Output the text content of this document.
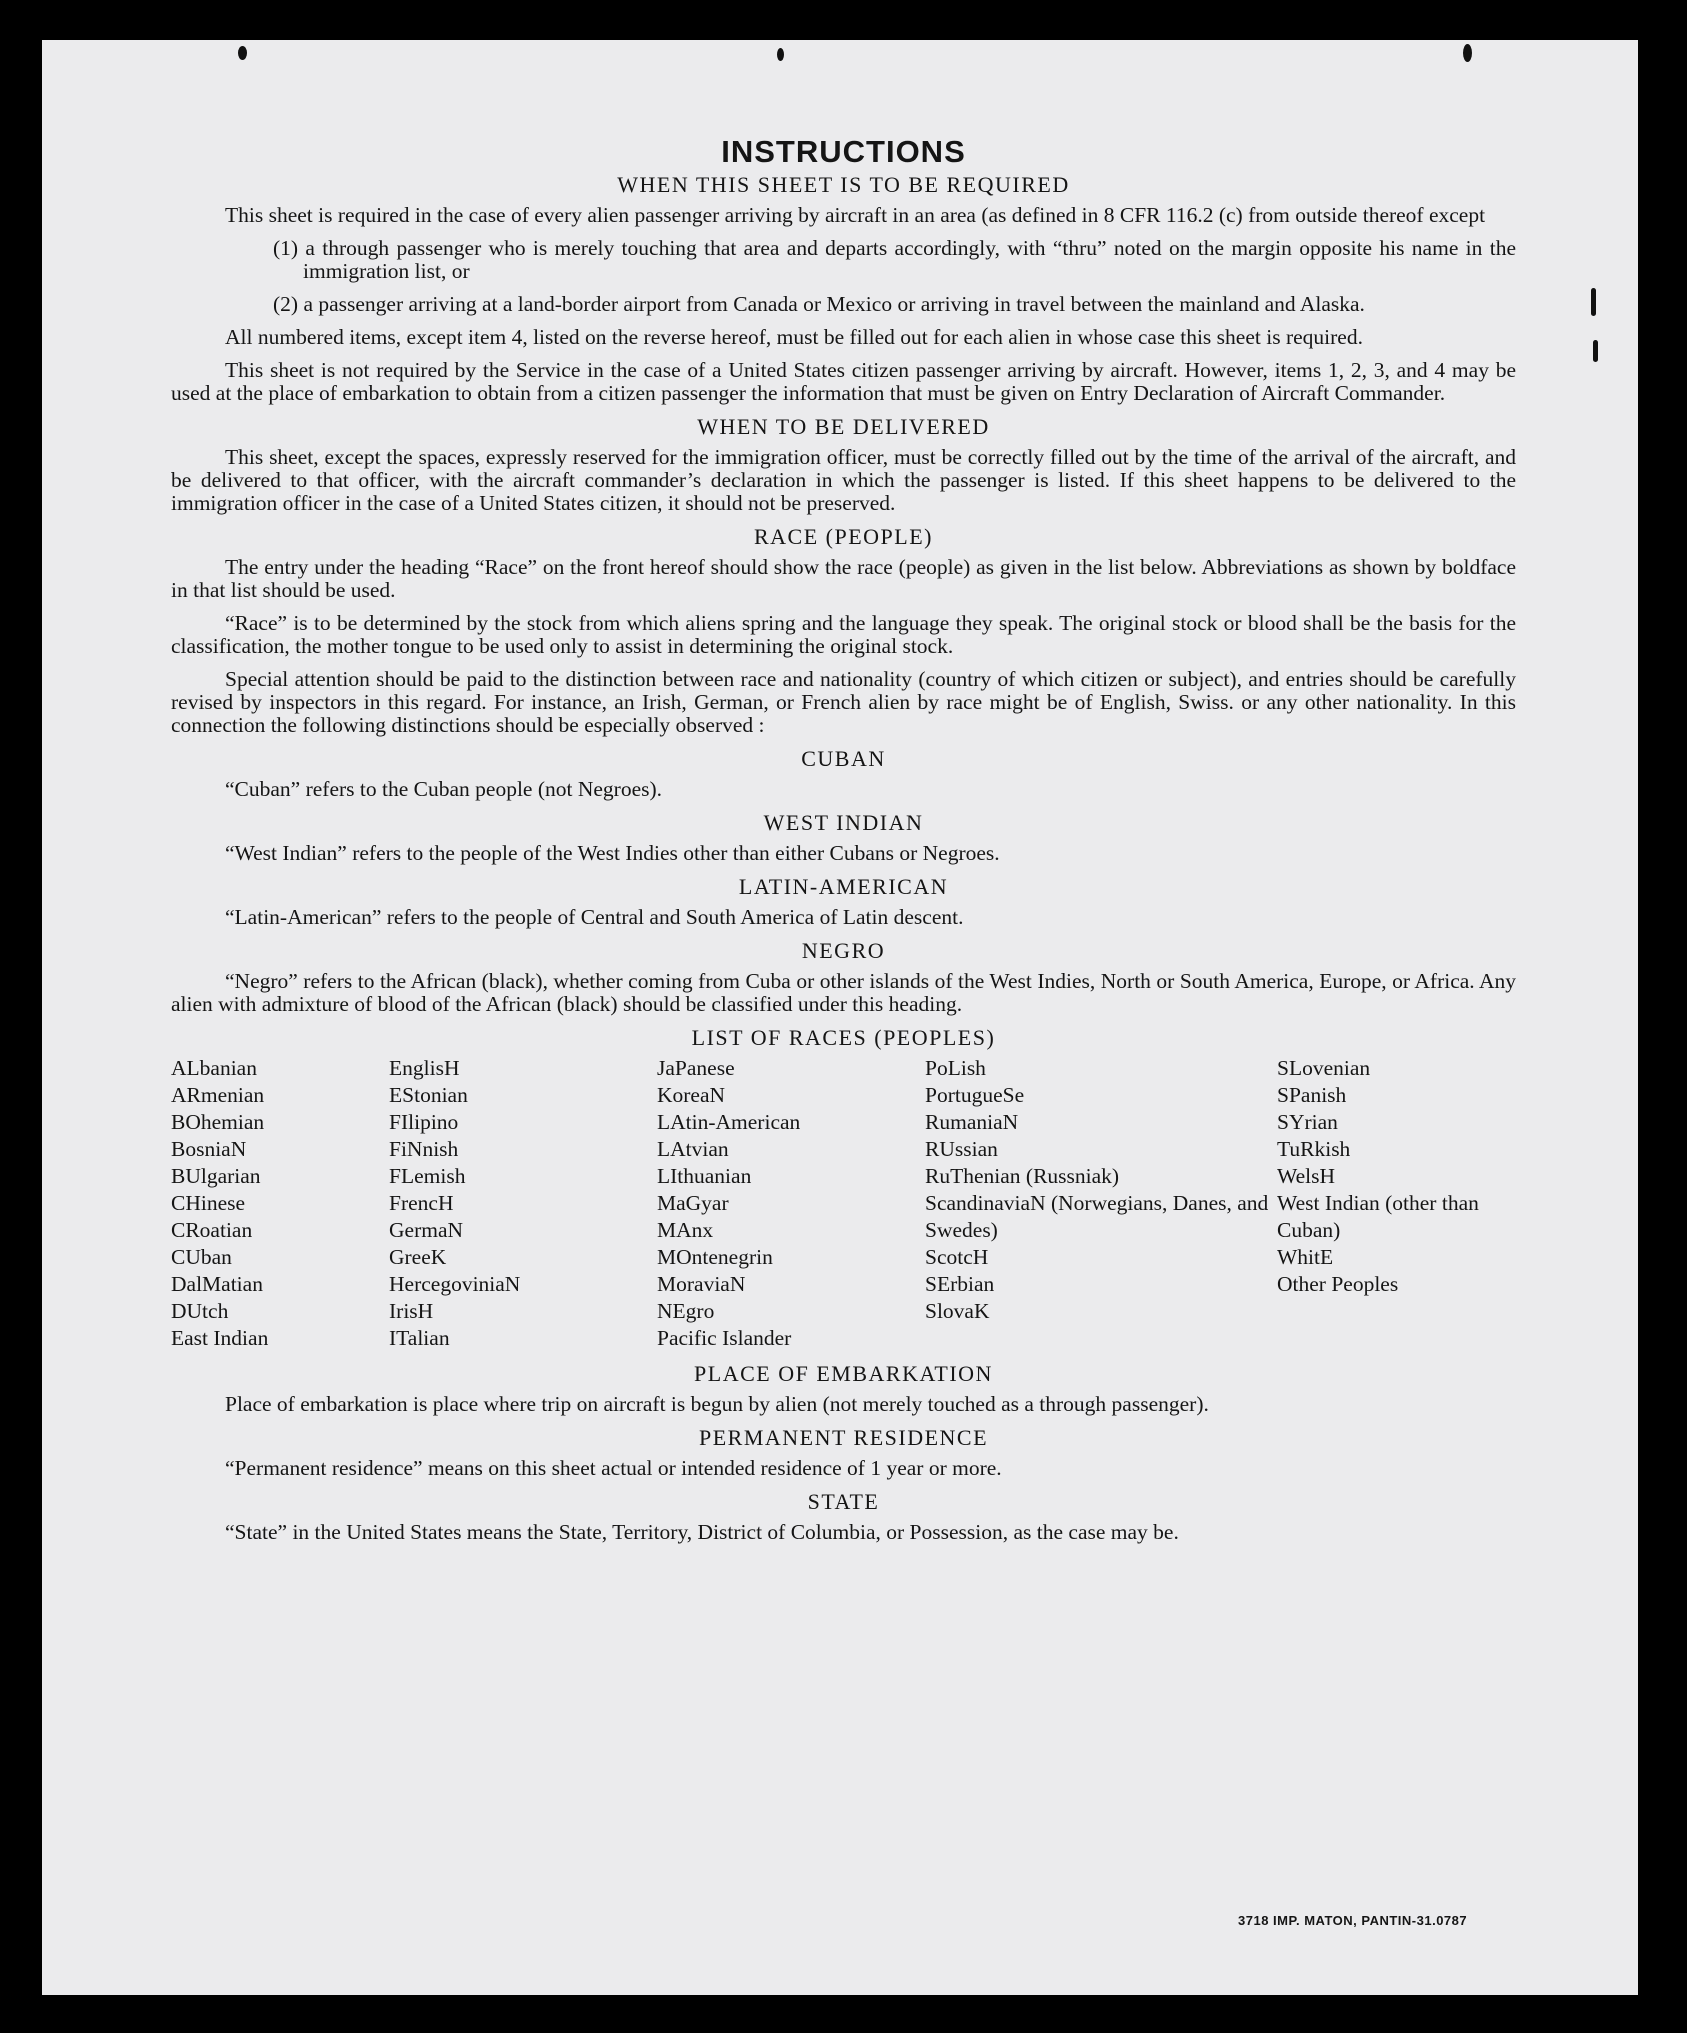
INSTRUCTIONS
WHEN THIS SHEET IS TO BE REQUIRED
This sheet is required in the case of every alien passenger arriving by aircraft in an area (as defined in 8 CFR 116.2 (c) from outside thereof except
(1) a through passenger who is merely touching that area and departs accordingly, with “thru” noted on the margin opposite his name in the immigration list, or
(2) a passenger arriving at a land-border airport from Canada or Mexico or arriving in travel between the mainland and Alaska.
All numbered items, except item 4, listed on the reverse hereof, must be filled out for each alien in whose case this sheet is required.
This sheet is not required by the Service in the case of a United States citizen passenger arriving by aircraft. However, items 1, 2, 3, and 4 may be used at the place of embarkation to obtain from a citizen passenger the information that must be given on Entry Declaration of Aircraft Commander.
WHEN TO BE DELIVERED
This sheet, except the spaces, expressly reserved for the immigration officer, must be correctly filled out by the time of the arrival of the aircraft, and be delivered to that officer, with the aircraft commander’s declaration in which the passenger is listed. If this sheet happens to be delivered to the immigration officer in the case of a United States citizen, it should not be preserved.
RACE (PEOPLE)
The entry under the heading “Race” on the front hereof should show the race (people) as given in the list below. Abbreviations as shown by boldface in that list should be used.
“Race” is to be determined by the stock from which aliens spring and the language they speak. The original stock or blood shall be the basis for the classification, the mother tongue to be used only to assist in determining the original stock.
Special attention should be paid to the distinction between race and nationality (country of which citizen or subject), and entries should be carefully revised by inspectors in this regard. For instance, an Irish, German, or French alien by race might be of English, Swiss. or any other nationality. In this connection the following distinctions should be especially observed :
CUBAN
“Cuban” refers to the Cuban people (not Negroes).
WEST INDIAN
“West Indian” refers to the people of the West Indies other than either Cubans or Negroes.
LATIN-AMERICAN
“Latin-American” refers to the people of Central and South America of Latin descent.
NEGRO
“Negro” refers to the African (black), whether coming from Cuba or other islands of the West Indies, North or South America, Europe, or Africa. Any alien with admixture of blood of the African (black) should be classified under this heading.
LIST OF RACES (PEOPLES)
ALbanian
ARmenian
BOhemian
BosniaN
BUlgarian
CHinese
CRoatian
CUban
DalMatian
DUtch
East Indian
EnglisH
EStonian
FIlipino
FiNnish
FLemish
FrencH
GermaN
GreeK
HercegoviniaN
IrisH
ITalian
JaPanese
KoreaN
LAtin-American
LAtvian
LIthuanian
MaGyar
MAnx
MOntenegrin
MoraviaN
NEgro
Pacific Islander
PoLish
PortugueSe
RumaniaN
RUssian
RuThenian (Russniak)
ScandinaviaN (Norwegians, Danes, and Swedes)
ScotcH
SErbian
SlovaK
SLovenian
SPanish
SYrian
TuRkish
WelsH
West Indian (other than Cuban)
WhitE
Other Peoples
PLACE OF EMBARKATION
Place of embarkation is place where trip on aircraft is begun by alien (not merely touched as a through passenger).
PERMANENT RESIDENCE
“Permanent residence” means on this sheet actual or intended residence of 1 year or more.
STATE
“State” in the United States means the State, Territory, District of Columbia, or Possession, as the case may be.
3718 IMP. MATON, PANTIN-31.0787
